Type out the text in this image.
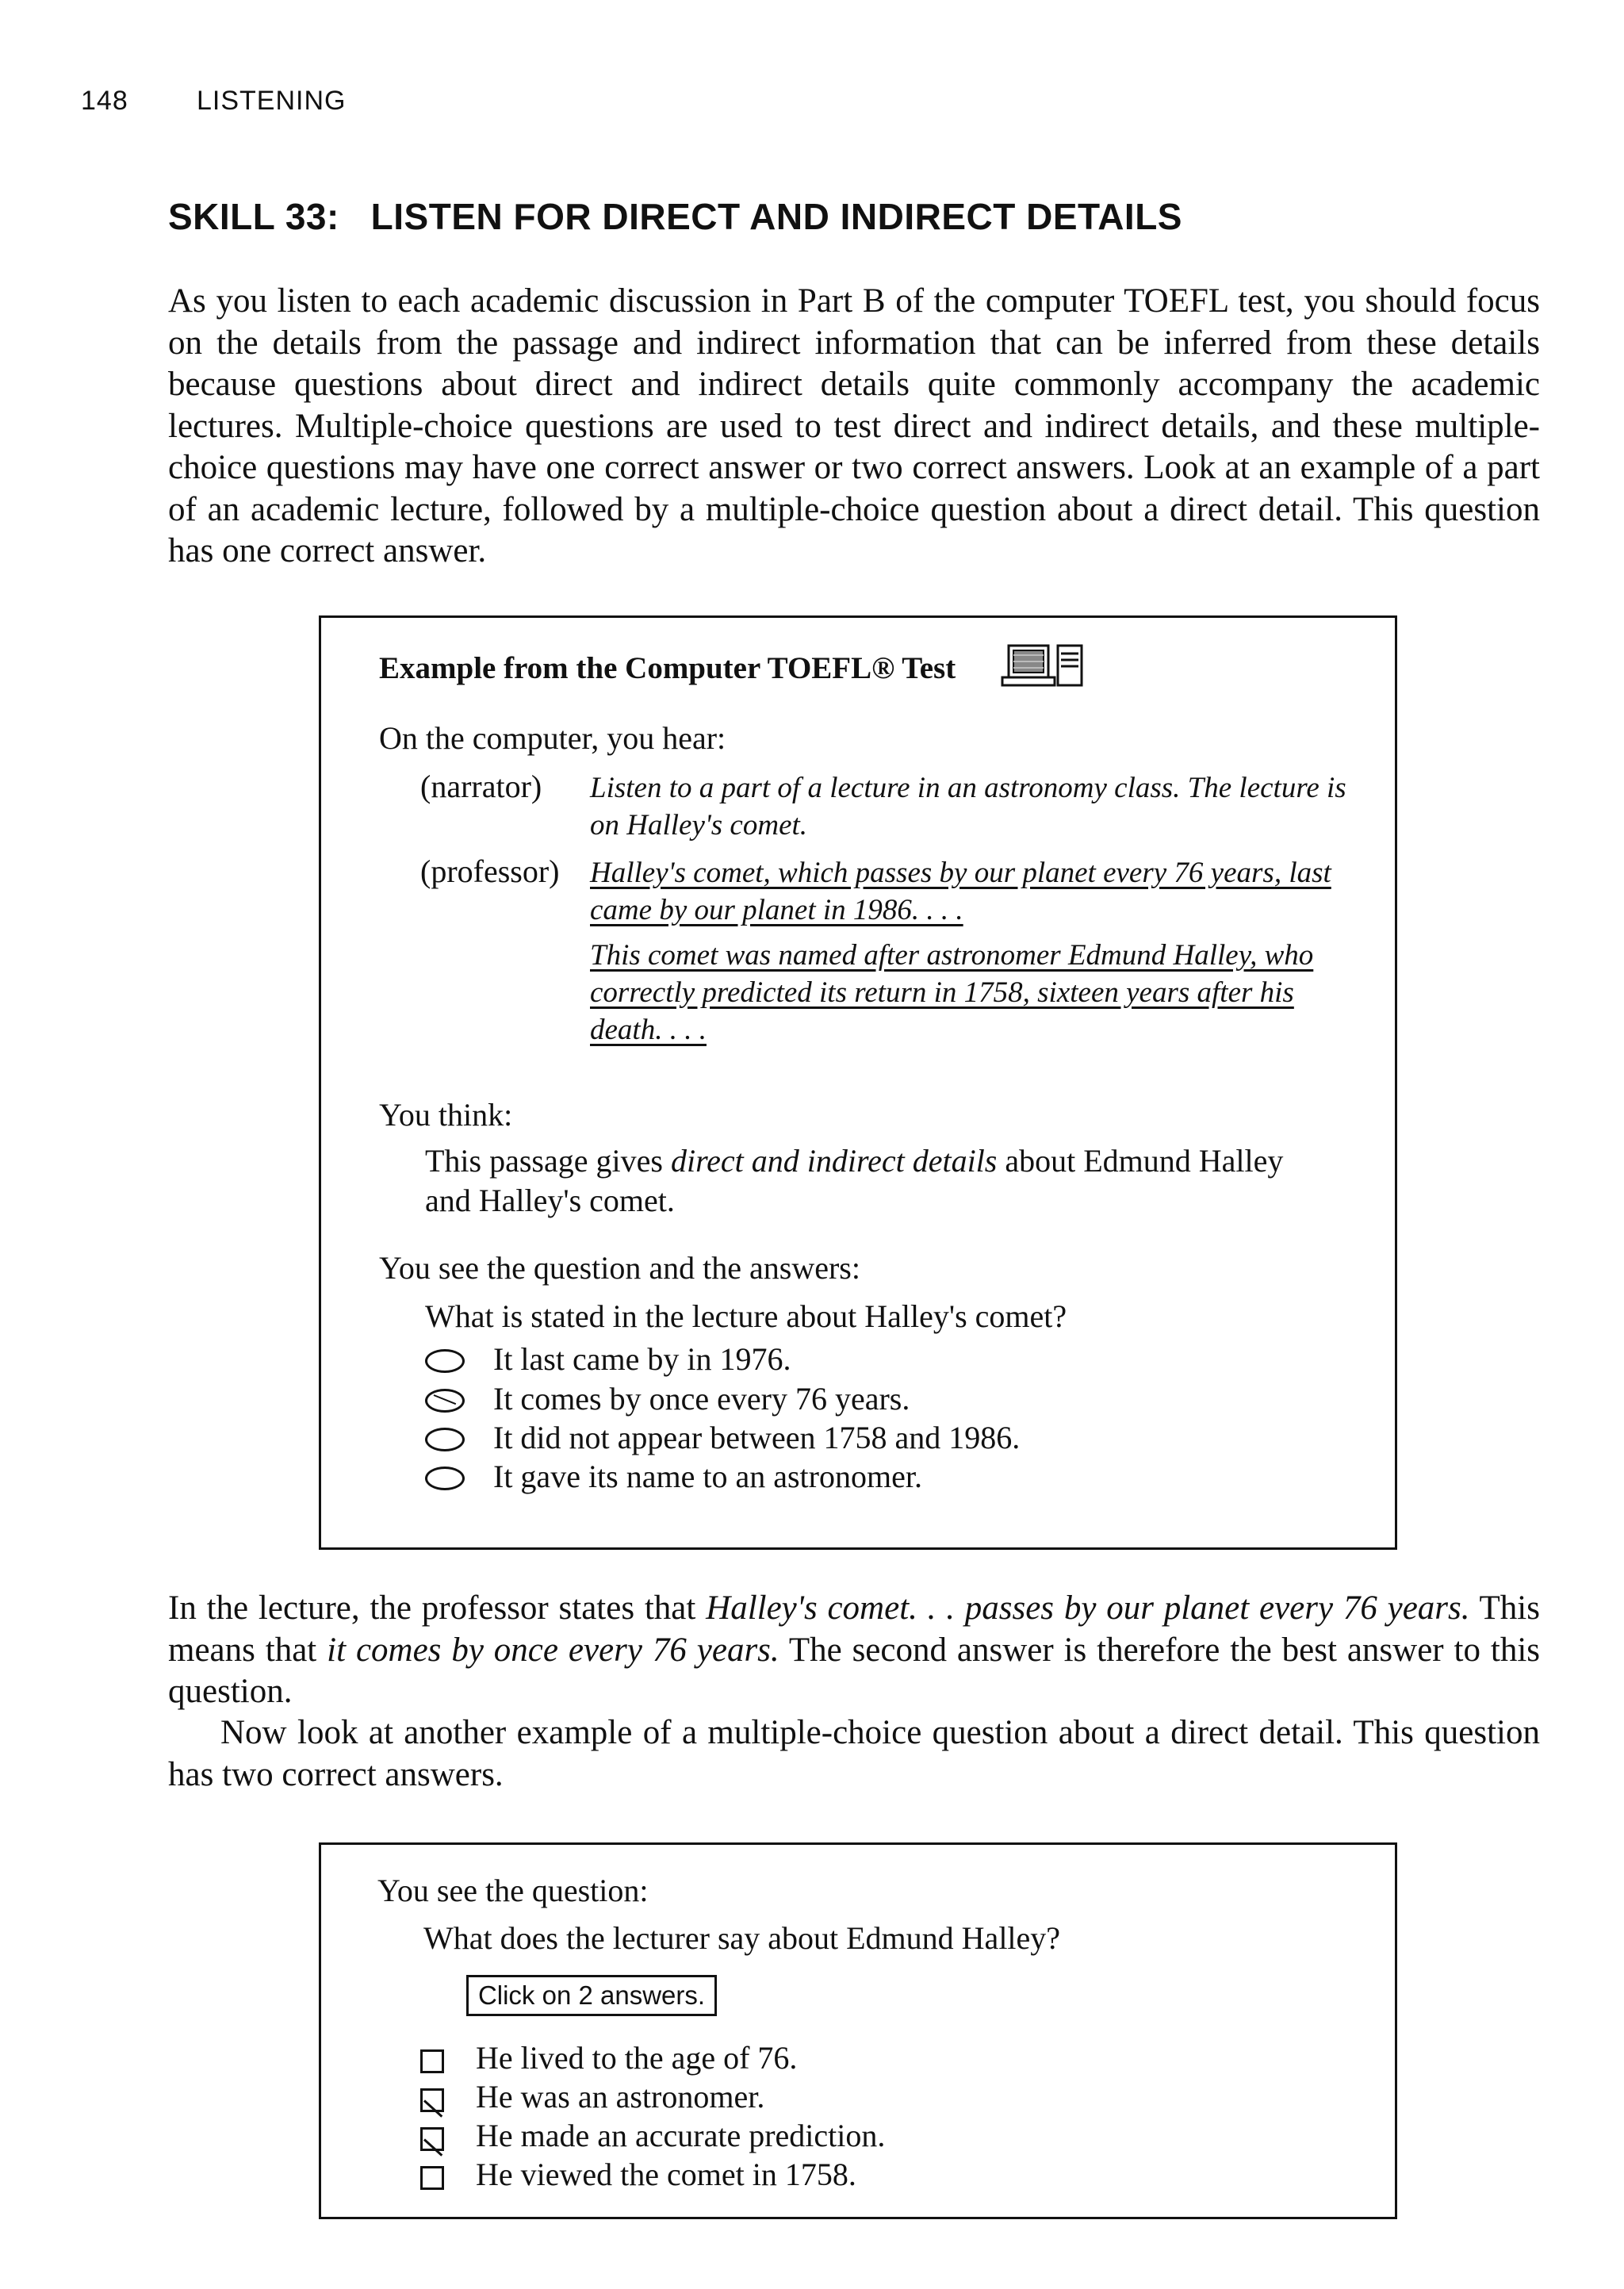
148	LISTENING
SKILL 33: LISTEN FOR DIRECT AND INDIRECT DETAILS
As you listen to each academic discussion in Part B of the computer TOEFL test, you should focus on the details from the passage and indirect information that can be inferred from these details because questions about direct and indirect details quite commonly accompany the academic lectures. Multiple-choice questions are used to test direct and indirect details, and these multiple-choice questions may have one correct answer or two correct answers. Look at an example of a part of an academic lecture, followed by a multiple-choice question about a direct detail. This question has one correct answer.
Example from the Computer TOEFL® Test
On the computer, you hear:
(narrator) Listen to a part of a lecture in an astronomy class. The lecture is on Halley's comet.
(professor) Halley's comet, which passes by our planet every 76 years, last came by our planet in 1986. . . .

This comet was named after astronomer Edmund Halley, who correctly predicted its return in 1758, sixteen years after his death. . . .

You think:
This passage gives direct and indirect details about Edmund Halley
and Halley's comet.
You see the question and the answers:
What is stated in the lecture about Halley's comet?
It last came by in 1976.
It comes by once every 76 years.
It did not appear between 1758 and 1986.
It gave its name to an astronomer.
In the lecture, the professor states that Halley's comet. . . passes by our planet every 76 years. This means that it comes by once every 76 years. The second answer is therefore the best answer to this question.
Now look at another example of a multiple-choice question about a direct detail. This question has two correct answers.
You see the question:
What does the lecturer say about Edmund Halley?
Click on 2 answers.
He lived to the age of 76.
He was an astronomer.
He made an accurate prediction.
He viewed the comet in 1758.
